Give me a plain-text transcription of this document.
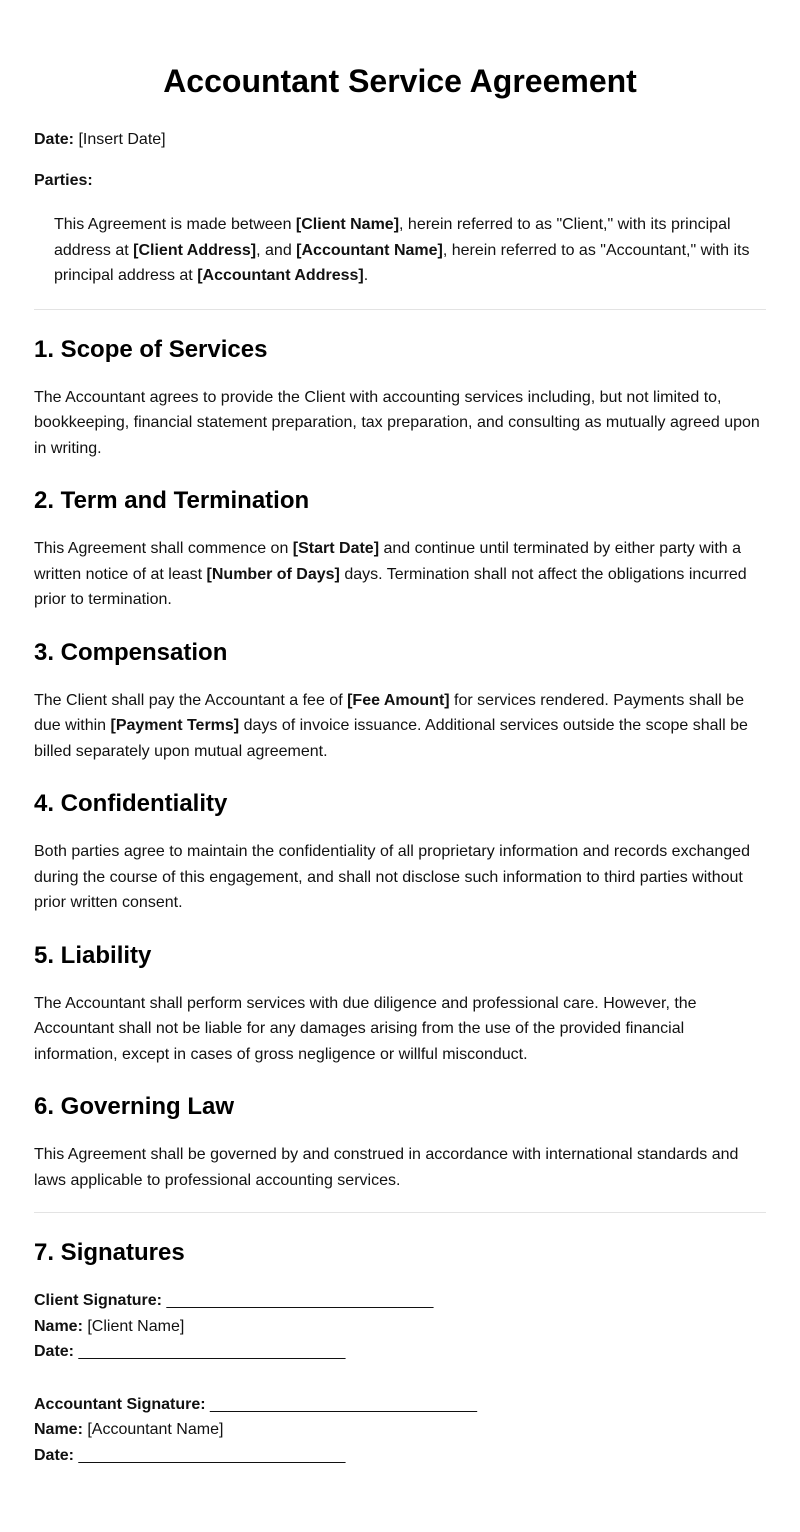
Accountant Service Agreement

Date: [Insert Date]

Parties:

This Agreement is made between [Client Name], herein referred to as "Client," with its principal address at [Client Address], and [Accountant Name], herein referred to as "Accountant," with its principal address at [Accountant Address].

1. Scope of Services

The Accountant agrees to provide the Client with accounting services including, but not limited to, bookkeeping, financial statement preparation, tax preparation, and consulting as mutually agreed upon in writing.

2. Term and Termination

This Agreement shall commence on [Start Date] and continue until terminated by either party with a written notice of at least [Number of Days] days. Termination shall not affect the obligations incurred prior to termination.

3. Compensation

The Client shall pay the Accountant a fee of [Fee Amount] for services rendered. Payments shall be due within [Payment Terms] days of invoice issuance. Additional services outside the scope shall be billed separately upon mutual agreement.

4. Confidentiality

Both parties agree to maintain the confidentiality of all proprietary information and records exchanged during the course of this engagement, and shall not disclose such information to third parties without prior written consent.

5. Liability

The Accountant shall perform services with due diligence and professional care. However, the Accountant shall not be liable for any damages arising from the use of the provided financial information, except in cases of gross negligence or willful misconduct.

6. Governing Law

This Agreement shall be governed by and construed in accordance with international standards and laws applicable to professional accounting services.

7. Signatures
Client Signature: ______________________________
Name: [Client Name]
Date: ______________________________
Accountant Signature: ______________________________
Name: [Accountant Name]
Date: ______________________________
